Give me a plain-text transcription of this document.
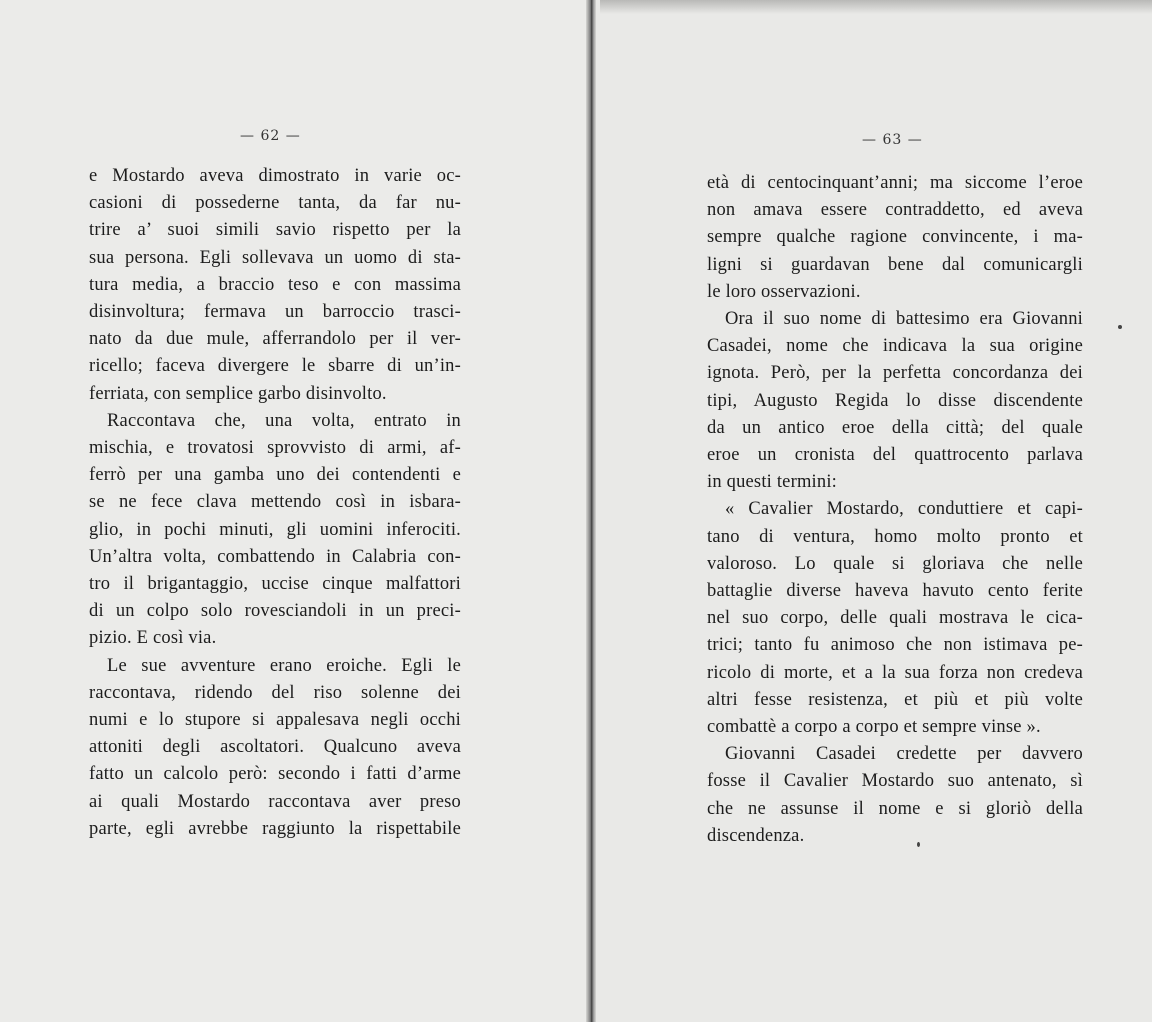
— 62 —	— 63 —
e Mostardo aveva dimostrato in varie oc-
casioni di possederne tanta, da far nu-
trire a’ suoi simili savio rispetto per la
sua persona. Egli sollevava un uomo di sta-
tura media, a braccio teso e con massima
disinvoltura; fermava un barroccio trasci-
nato da due mule, afferrandolo per il ver-
ricello; faceva divergere le sbarre di un’in-
ferriata, con semplice garbo disinvolto.
Raccontava che, una volta, entrato in
mischia, e trovatosi sprovvisto di armi, af-
ferrò per una gamba uno dei contendenti e
se ne fece clava mettendo così in isbara-
glio, in pochi minuti, gli uomini inferociti.
Un’altra volta, combattendo in Calabria con-
tro il brigantaggio, uccise cinque malfattori
di un colpo solo rovesciandoli in un preci-
pizio. E così via.
Le sue avventure erano eroiche. Egli le
raccontava, ridendo del riso solenne dei
numi e lo stupore si appalesava negli occhi
attoniti degli ascoltatori. Qualcuno aveva
fatto un calcolo però: secondo i fatti d’arme
ai quali Mostardo raccontava aver preso
parte, egli avrebbe raggiunto la rispettabile
età di centocinquant’anni; ma siccome l’eroe
non amava essere contraddetto, ed aveva
sempre qualche ragione convincente, i ma-
ligni si guardavan bene dal comunicargli
le loro osservazioni.
Ora il suo nome di battesimo era Giovanni
Casadei, nome che indicava la sua origine
ignota. Però, per la perfetta concordanza dei
tipi, Augusto Regida lo disse discendente
da un antico eroe della città; del quale
eroe un cronista del quattrocento parlava
in questi termini:
« Cavalier Mostardo, conduttiere et capi-
tano di ventura, homo molto pronto et
valoroso. Lo quale si gloriava che nelle
battaglie diverse haveva havuto cento ferite
nel suo corpo, delle quali mostrava le cica-
trici; tanto fu animoso che non istimava pe-
ricolo di morte, et a la sua forza non credeva
altri fesse resistenza, et più et più volte
combattè a corpo a corpo et sempre vinse ».
Giovanni Casadei credette per davvero
fosse il Cavalier Mostardo suo antenato, sì
che ne assunse il nome e si gloriò della
discendenza.
